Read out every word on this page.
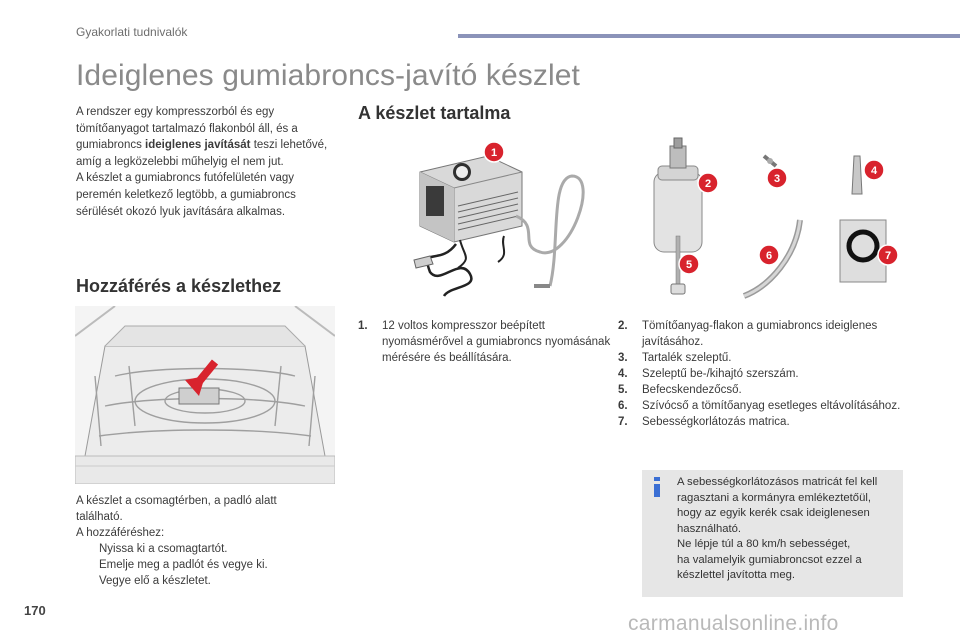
Gyakorlati tudnivalók
Ideiglenes gumiabroncs-javító készlet
A rendszer egy kompresszorból és egy
tömítőanyagot tartalmazó flakonból áll, és a
gumiabroncs ideiglenes javítását teszi lehetővé,
amíg a legközelebbi műhelyig el nem jut.
A készlet a gumiabroncs futófelületén vagy
peremén keletkező legtöbb, a gumiabroncs
sérülését okozó lyuk javítására alkalmas.
A készlet tartalma
1
2	3
4
5
6	7
Hozzáférés a készlethez
A készlet a csomagtérben, a padló alatt
található.
A hozzáféréshez:
Nyissa ki a csomagtartót.
Emelje meg a padlót és vegye ki.
Vegye elő a készletet.
1. 12 voltos kompresszor beépített nyomásmérővel a gumiabroncs nyomásának mérésére és beállítására.
2. Tömítőanyag-flakon a gumiabroncs ideiglenes javításához.
3. Tartalék szeleptű.
4. Szeleptű be-/kihajtó szerszám.
5. Befecskendezőcső.
6. Szívócső a tömítőanyag esetleges eltávolításához.
7. Sebességkorlátozás matrica.
A sebességkorlátozásos matricát fel kell
ragasztani a kormányra emlékeztetőül,
hogy az egyik kerék csak ideiglenesen
használható.
Ne lépje túl a 80 km/h sebességet,
ha valamelyik gumiabroncsot ezzel a
készlettel javította meg.
170
carmanualsonline.info
